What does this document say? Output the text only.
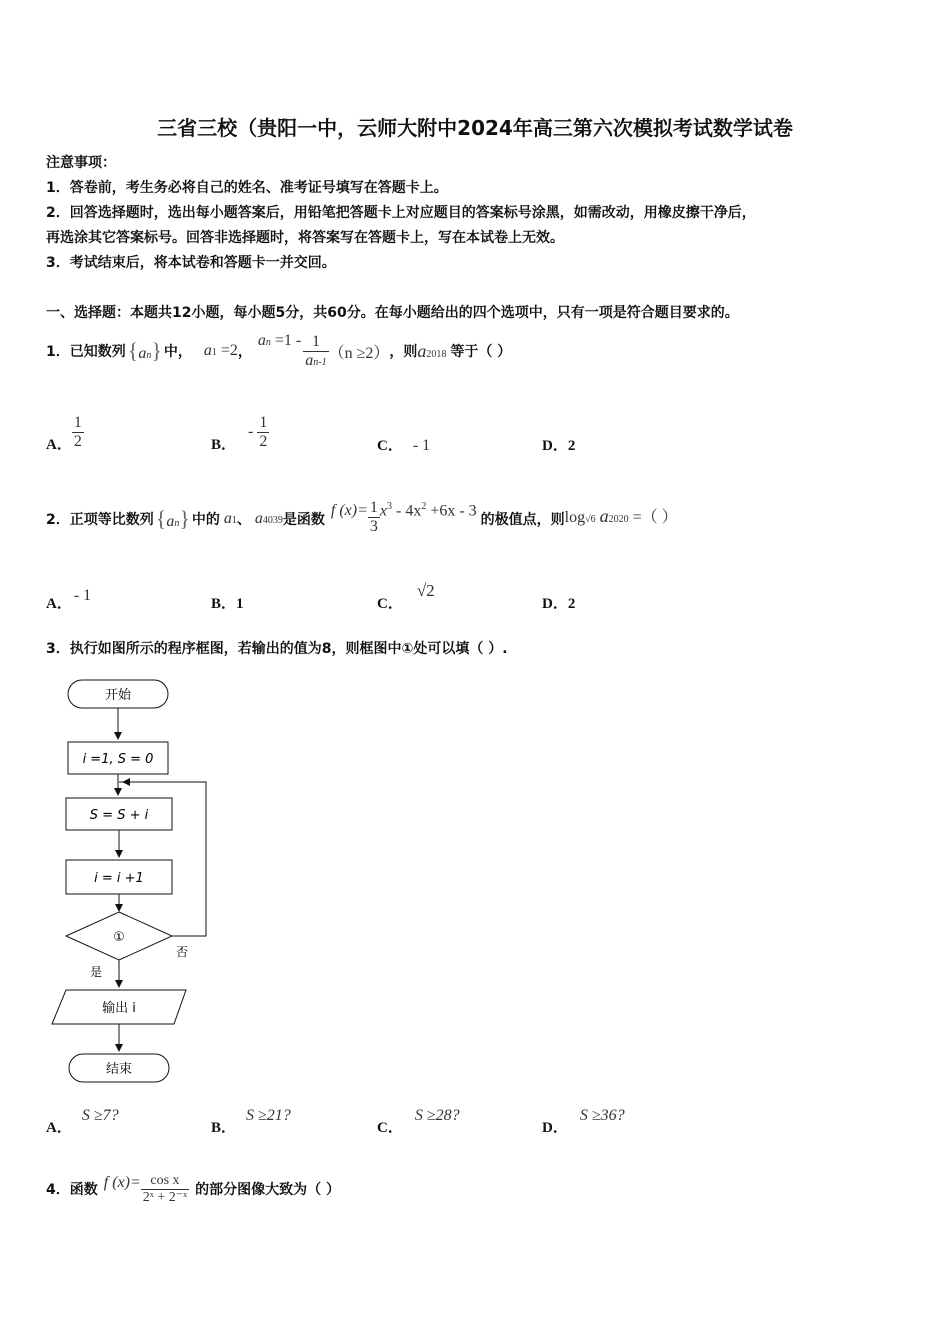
三省三校（贵阳一中，云师大附中2024年高三第六次模拟考试数学试卷
注意事项：
1．答卷前，考生务必将自己的姓名、准考证号填写在答题卡上。
2．回答选择题时，选出每小题答案后，用铅笔把答题卡上对应题目的答案标号涂黑，如需改动，用橡皮擦干净后，
再选涂其它答案标号。回答非选择题时，将答案写在答题卡上，写在本试卷上无效。
3．考试结束后，将本试卷和答题卡一并交回。
一、选择题：本题共12小题，每小题5分，共60分。在每小题给出的四个选项中，只有一项是符合题目要求的。
1．已知数列 {an} 中， a1 =2 ，
an $=1 - \frac{1}{an-1} (n \ge 2)$ ，则 a2018 等于（ ）
A． $\frac{1}{2}$	B．
- $\frac{1}{2}$	C． - 1	D．2
2．正项等比数列 {an} 中的 a1 、 a4039 是函数
f $(x)= \frac{1}{3} x^3 - 4x^2 +6x - 3$
的极值点，则 log√6 a2020 =（ ）
A． - 1	B．1	C．√2
D．2
3．执行如图所示的程序框图，若输出的值为8，则框图中①处可以填（ ）.
开始
i =1, S = 0
S = S + i
i = i +1
①
否
是
输出 i
结束
A．S ≥7?
B．S ≥21?
C．S ≥28?
D．S ≥36?
4．函数 f $(x)= \frac{\text{cos x}}{\text{2ˣ + 2⁻ˣ}}$ 的部分图像大致为（ ）
